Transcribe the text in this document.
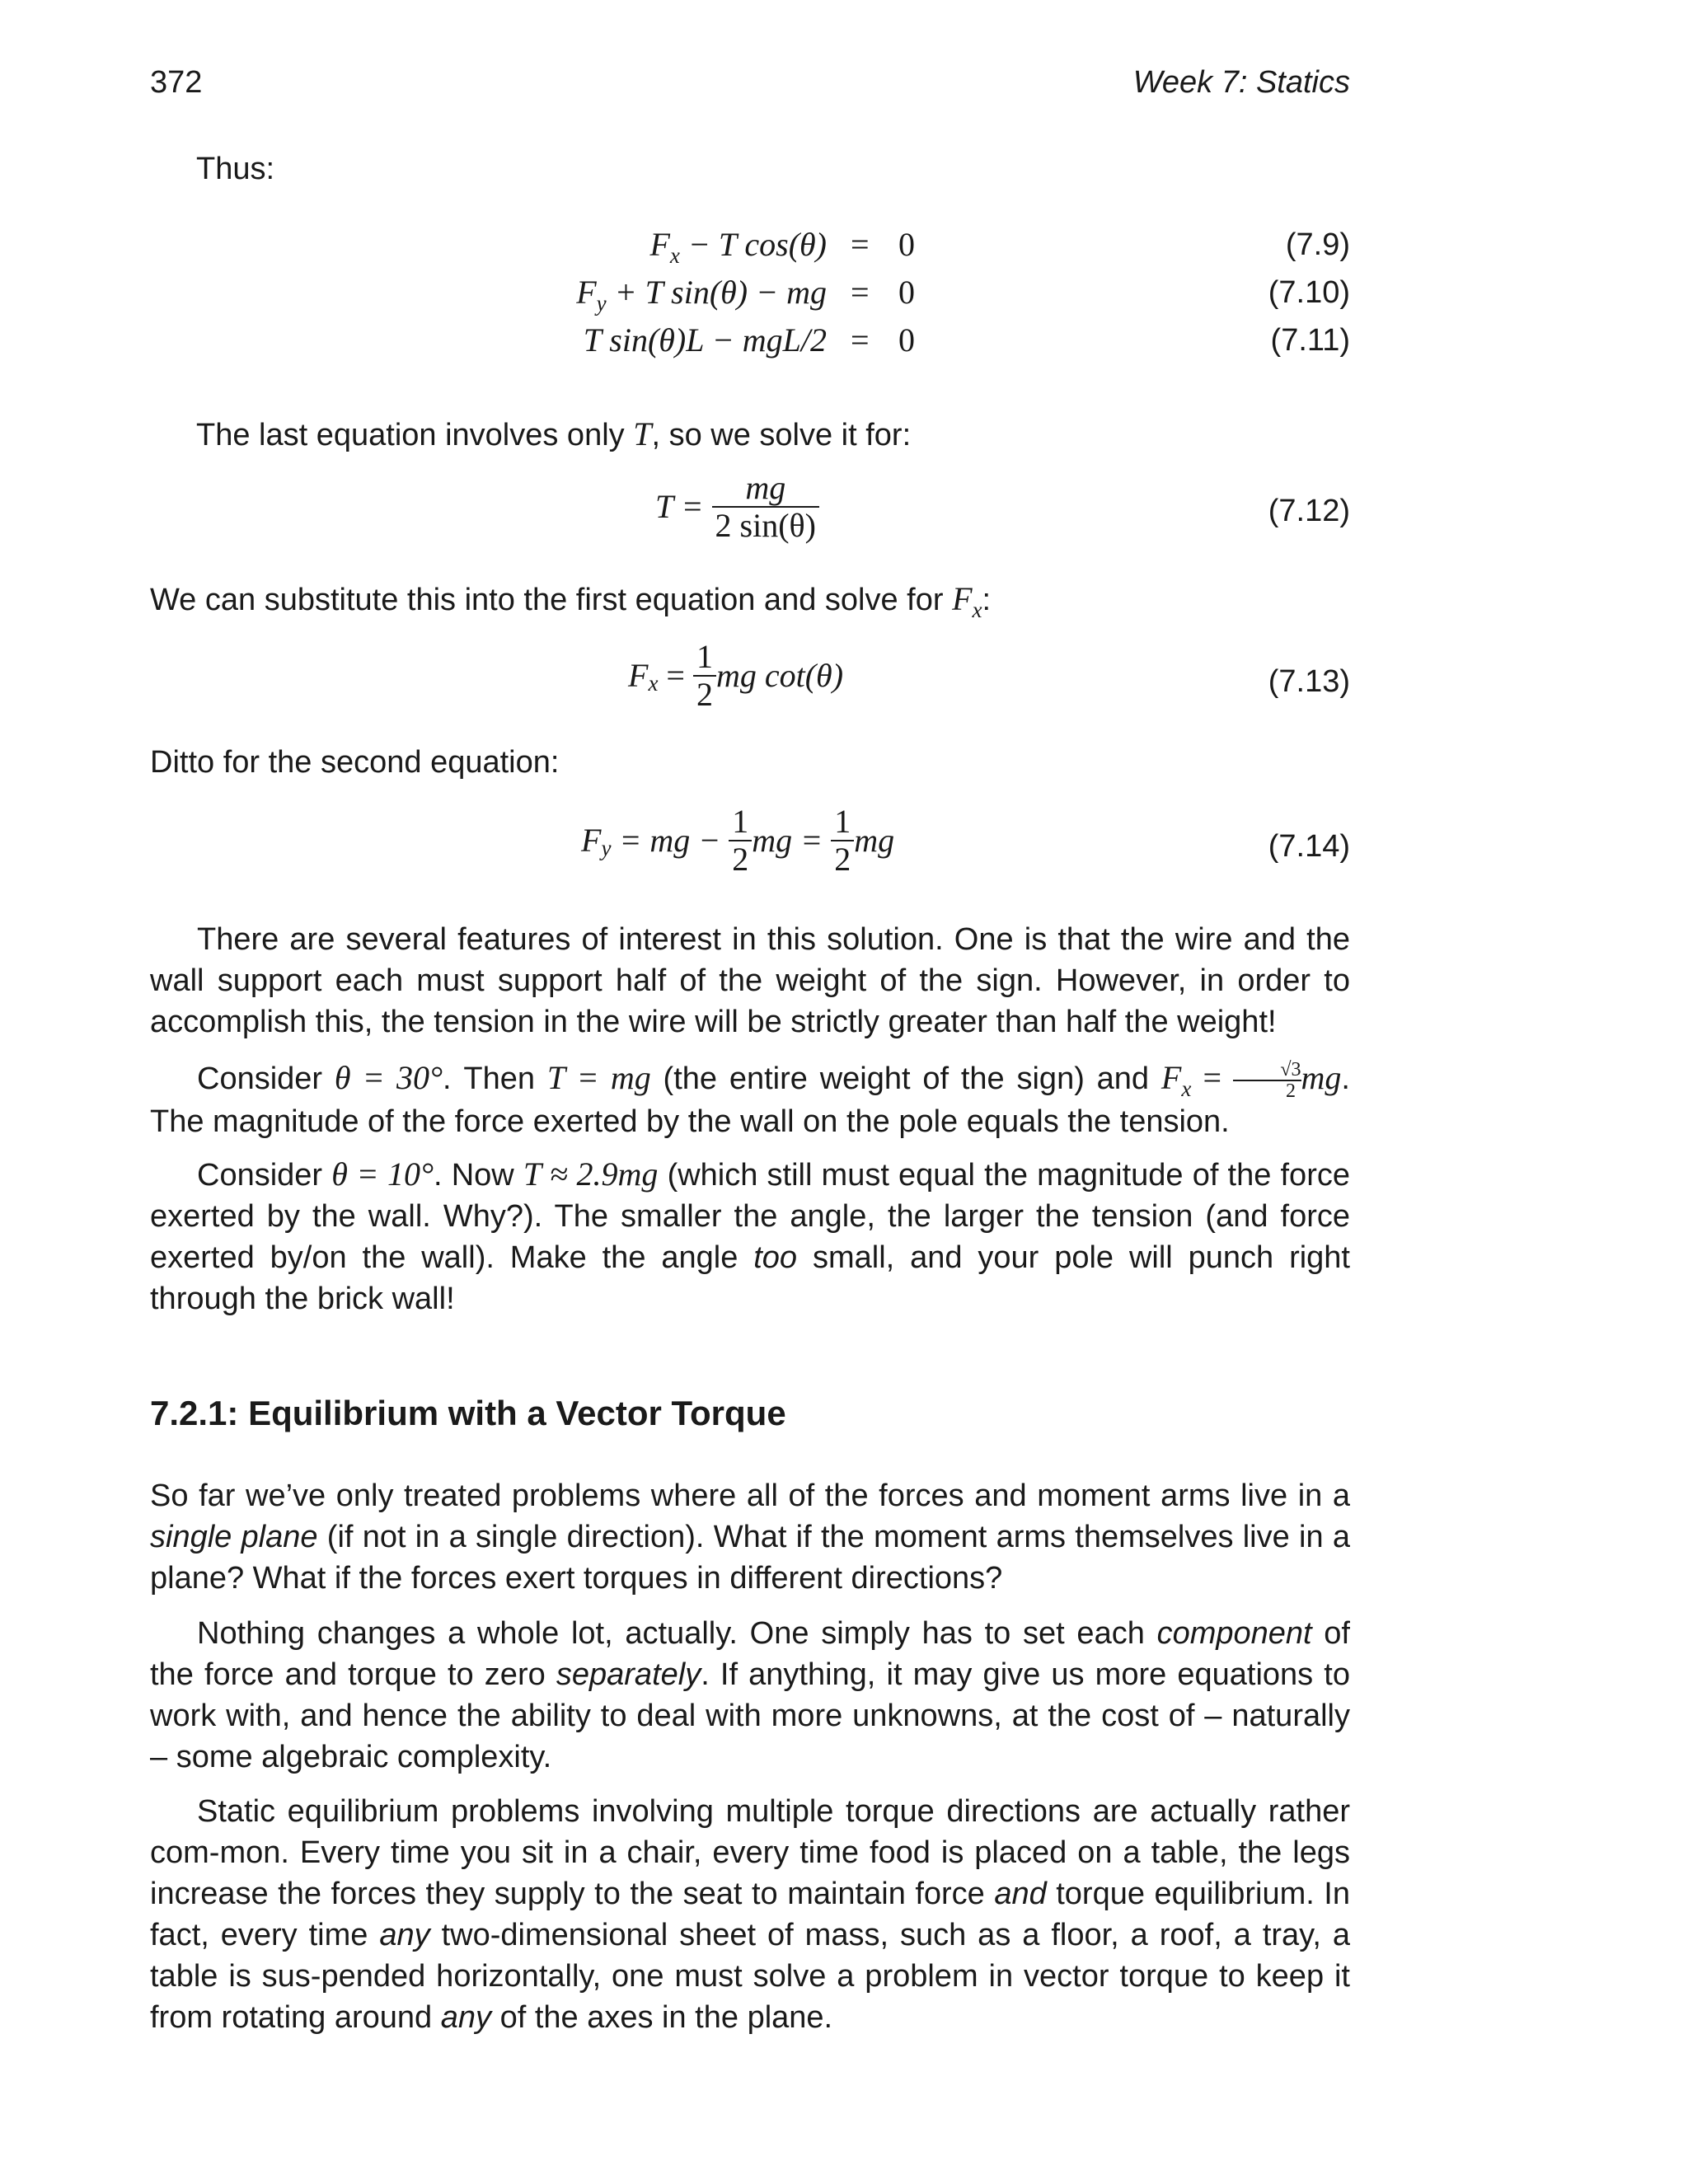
372	Week 7: Statics
Thus:
$F_x - T$ cos(θ) = 0	(7.9)
$F_y + T$ sin(θ) − mg = 0	(7.10)
T sin(θ)L − mgL/2 = 0	(7.11)
The last equation involves only T, so we solve it for:
$T = \frac{mg}{2 \sin(\theta)}$	(7.12)
We can substitute this into the first equation and solve for $F_x$:
$F_x = \frac{1}{2}$ mg cot(θ)	(7.13)
Ditto for the second equation:
$F_y$ = mg − $\frac{1}{2}$ mg = $\frac{1}{2}$ mg	(7.14)
There are several features of interest in this solution. One is that the wire and the wall support each must support half of the weight of the sign. However, in order to accomplish this, the tension in the wire will be strictly greater than half the weight!
Consider θ = 30°. Then T = mg (the entire weight of the sign) and $F_x = \frac{√3}{2}$ mg. The magnitude of the force exerted by the wall on the pole equals the tension.
Consider θ = 10°. Now T ≈ 2.9mg (which still must equal the magnitude of the force exerted by the wall. Why?). The smaller the angle, the larger the tension (and force exerted by/on the wall). Make the angle too small, and your pole will punch right through the brick wall!
7.2.1: Equilibrium with a Vector Torque
So far we’ve only treated problems where all of the forces and moment arms live in a single plane (if not in a single direction). What if the moment arms themselves live in a plane? What if the forces exert torques in different directions?
Nothing changes a whole lot, actually. One simply has to set each component of the force and torque to zero separately. If anything, it may give us more equations to work with, and hence the ability to deal with more unknowns, at the cost of – naturally – some algebraic complexity.
Static equilibrium problems involving multiple torque directions are actually rather com-mon. Every time you sit in a chair, every time food is placed on a table, the legs increase the forces they supply to the seat to maintain force and torque equilibrium. In fact, every time any two-dimensional sheet of mass, such as a floor, a roof, a tray, a table is sus-pended horizontally, one must solve a problem in vector torque to keep it from rotating around any of the axes in the plane.
